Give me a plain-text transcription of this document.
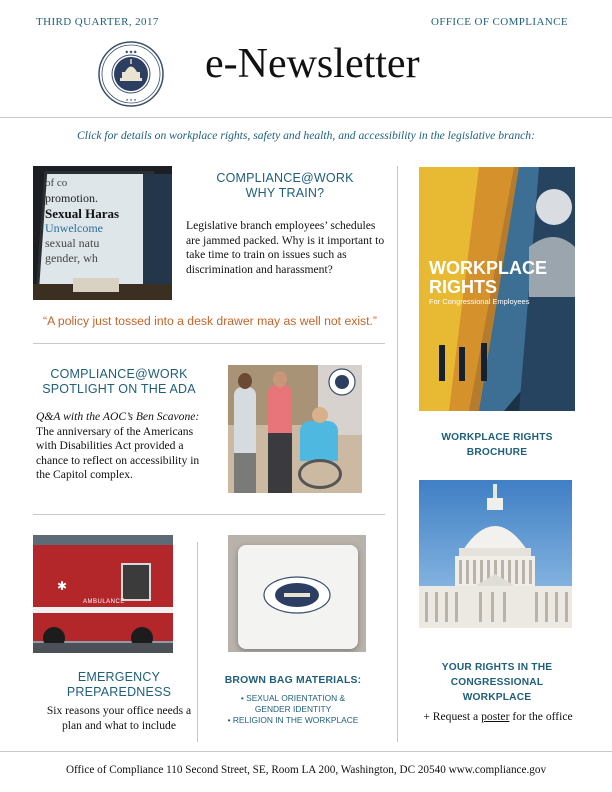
THIRD QUARTER, 2017	OFFICE OF COMPLIANCE
◆ ◆ ◆
★ ★ ★
e-Newsletter
Click for details on workplace rights, safety and health, and accessibility in the legislative branch:
of co
promotion.
Sexual Haras
Unwelcome
sexual natu
gender, wh
COMPLIANCE@WORK
WHY TRAIN?
Legislative branch employees’ schedules are jammed packed. Why is it important to take time to train on issues such as discrimination and harassment?
“A policy just tossed into a desk drawer may as well not exist.”
COMPLIANCE@WORK
SPOTLIGHT ON THE ADA
Q&A with the AOC’s Ben Scavone: The anniversary of the Americans with Disabilities Act provided a chance to reflect on accessibility in the Capitol complex.
✱
AMBULANCE
EMERGENCY
PREPAREDNESS
Six reasons your office needs a plan and what to include
BROWN BAG MATERIALS:
• SEXUAL ORIENTATION &
GENDER IDENTITY
• RELIGION IN THE WORKPLACE
WORKPLACE
RIGHTS
For Congressional Employees
WORKPLACE RIGHTS
BROCHURE
YOUR RIGHTS IN THE
CONGRESSIONAL
WORKPLACE
+ Request a poster for the office
Office of Compliance 110 Second Street, SE, Room LA 200, Washington, DC 20540 www.compliance.gov
